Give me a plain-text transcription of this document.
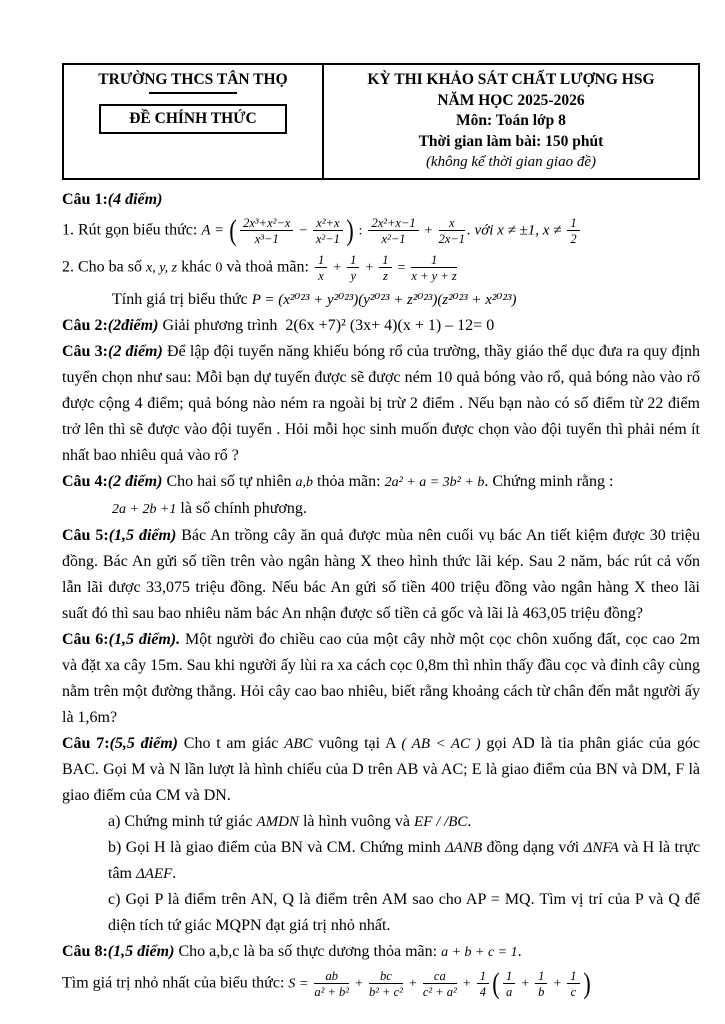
TRƯỜNG THCS TÂN THỌ
ĐỀ CHÍNH THỨC
KỲ THI KHẢO SÁT CHẤT LƯỢNG HSG
NĂM HỌC 2025-2026
Môn: Toán lớp 8
Thời gian làm bài: 150 phút
(không kể thời gian giao đề)

Câu 1:(4 điểm)

1. Rút gọn biểu thức: A = ( $\frac{\text{2x³+x²−x}}{\text{x³−1}} - \frac{\text{x²+x}}{\text{x²−1}}$ ) : $\frac{\text{2x²+x−1}}{\text{x²−1}} + \frac{x}{2x-1}$ . với x ≠ ±1, $x \ne \frac{1}{2}$

2. Cho ba số x, y, z khác 0 và thoả mãn: $\frac{1}{x} + \frac{1}{y} + \frac{1}{z} = \frac{1}{x + y + z}$

Tính giá trị biểu thức P = (x²⁰²³ + y²⁰²³)(y²⁰²³ + z²⁰²³)(z²⁰²³ + x²⁰²³)

Câu 2:(2điểm) Giải phương trình 2(6x +7)² (3x+ 4)(x + 1) – 12= 0

Câu 3:(2 điểm) Để lập đội tuyển năng khiếu bóng rổ của trường, thầy giáo thể dục đưa ra quy định tuyển chọn như sau: Mỗi bạn dự tuyển được sẽ được ném 10 quả bóng vào rổ, quả bóng nào vào rổ được cộng 4 điểm; quả bóng nào ném ra ngoài bị trừ 2 điểm . Nếu bạn nào có số điểm từ 22 điểm trở lên thì sẽ được vào đội tuyển . Hỏi mỗi học sinh muốn được chọn vào đội tuyển thì phải ném ít nhất bao nhiêu quả vào rổ ?

Câu 4:(2 điểm) Cho hai số tự nhiên a,b thỏa mãn: 2a² + a = 3b² + b. Chứng minh rằng :

2a + 2b +1 là số chính phương.

Câu 5:(1,5 điểm) Bác An trồng cây ăn quả được mùa nên cuối vụ bác An tiết kiệm được 30 triệu đồng. Bác An gửi số tiền trên vào ngân hàng X theo hình thức lãi kép. Sau 2 năm, bác rút cả vốn lẫn lãi được 33,075 triệu đồng. Nếu bác An gửi số tiền 400 triệu đồng vào ngân hàng X theo lãi suất đó thì sau bao nhiêu năm bác An nhận được số tiền cả gốc và lãi là 463,05 triệu đồng?

Câu 6:(1,5 điểm). Một người đo chiều cao của một cây nhờ một cọc chôn xuống đất, cọc cao 2m và đặt xa cây 15m. Sau khi người ấy lùi ra xa cách cọc 0,8m thì nhìn thấy đầu cọc và đỉnh cây cùng nằm trên một đường thẳng. Hỏi cây cao bao nhiêu, biết rằng khoảng cách từ chân đến mắt người ấy là 1,6m?

Câu 7:(5,5 điểm) Cho t am giác ABC vuông tại A ( AB < AC ) gọi AD là tia phân giác của góc BAC. Gọi M và N lần lượt là hình chiếu của D trên AB và AC; E là giao điểm của BN và DM, F là giao điểm của CM và DN.

a) Chứng minh tứ giác AMDN là hình vuông và EF / /BC.

b) Gọi H là giao điểm của BN và CM. Chứng minh ΔANB đồng dạng với ΔNFA và H là trực tâm ΔAEF.

c) Gọi P là điểm trên AN, Q là điểm trên AM sao cho AP = MQ. Tìm vị trí của P và Q để diện tích tứ giác MQPN đạt giá trị nhỏ nhất.

Câu 8:(1,5 điểm) Cho a,b,c là ba số thực dương thỏa mãn: a + b + c = 1.

Tìm giá trị nhỏ nhất của biểu thức: $S = \frac{ab}{\text{a² + b²}} + \frac{bc}{\text{b² + c²}} + \frac{ca}{\text{c² + a²}} + \frac{1}{4}$ ( $\frac{1}{a} + \frac{1}{b} + \frac{1}{c}$ )
